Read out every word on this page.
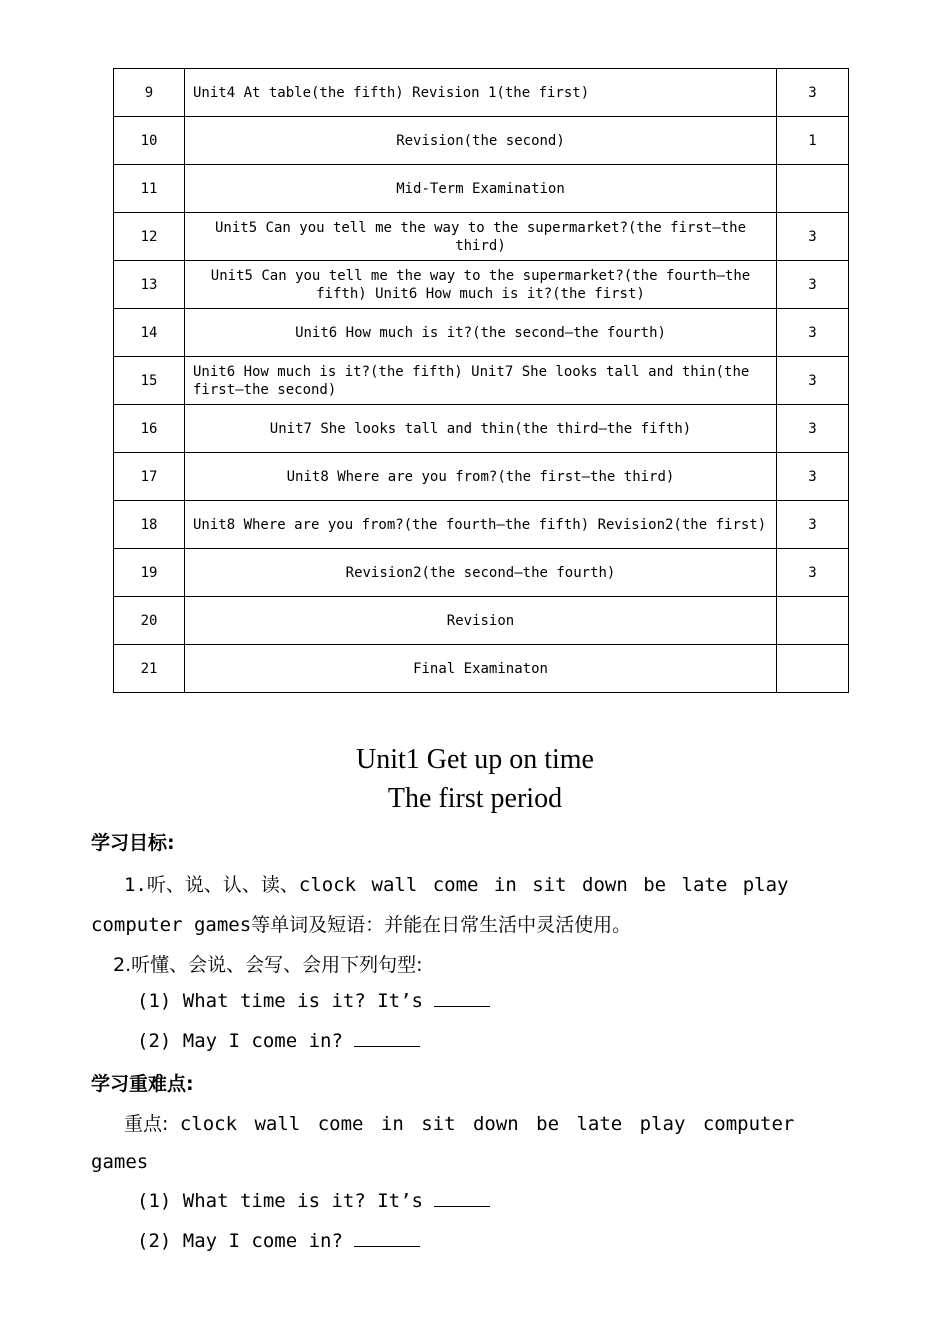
9	Unit4 At table(the fifth) Revision 1(the first)	3
10	Revision(the second)	1
11	Mid-Term Examination	
12	Unit5 Can you tell me the way to the supermarket?(the first—the third)	3
13	Unit5 Can you tell me the way to the supermarket?(the fourth—the fifth) Unit6 How much is it?(the first)	3
14	Unit6 How much is it?(the second—the fourth)	3
15	Unit6 How much is it?(the fifth) Unit7 She looks tall and thin(the first—the second)	3
16	Unit7 She looks tall and thin(the third—the fifth)	3
17	Unit8 Where are you from?(the first—the third)	3
18	Unit8 Where are you from?(the fourth—the fifth) Revision2(the first)	3
19	Revision2(the second—the fourth)	3
20	Revision	
21	Final Examinaton	
Unit1 Get up on time
The first period
学习目标:
1.听、说、认、读、clock wall come in sit down be late play
computer games等单词及短语：并能在日常生活中灵活使用。
2.听懂、会说、会写、会用下列句型:
(1) What time is it? It’s
(2) May I come in?
学习重难点:
重点: clock wall come in sit down be late play computer
games
(1) What time is it? It’s
(2) May I come in?
